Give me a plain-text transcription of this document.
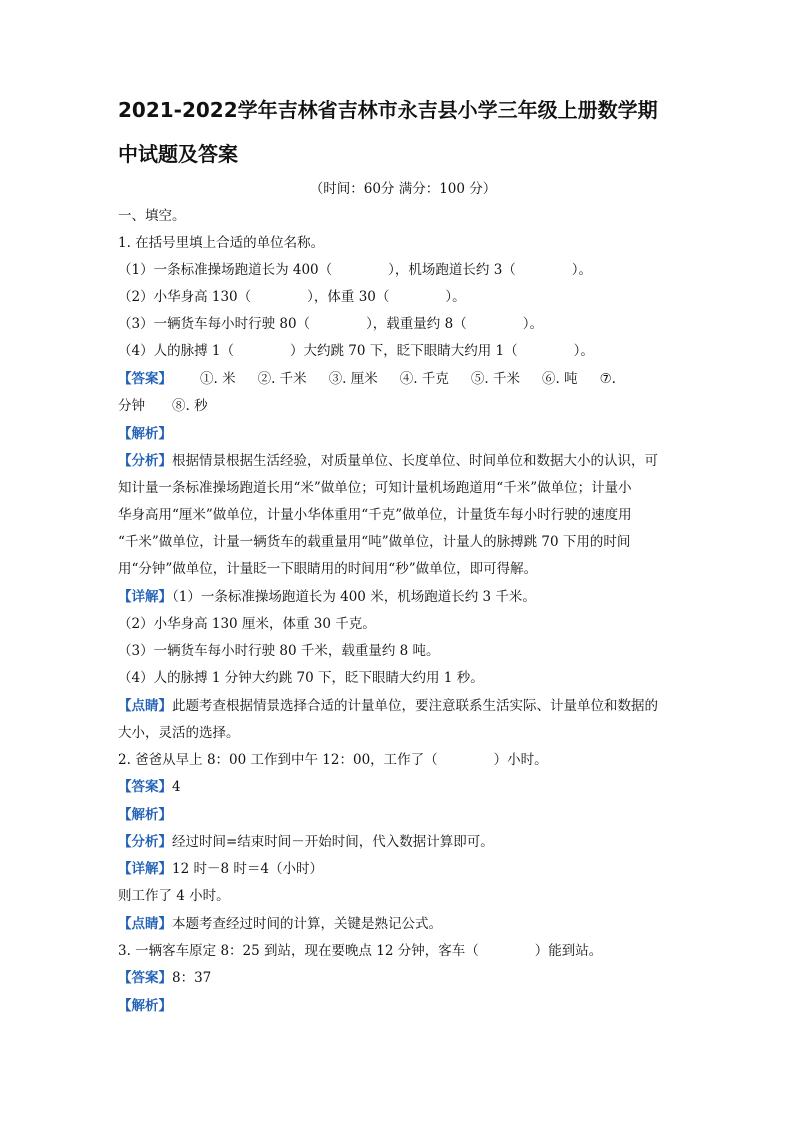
2021-2022学年吉林省吉林市永吉县小学三年级上册数学期
中试题及答案
（时间：60分 满分：100 分）
一、填空。
1. 在括号里填上合适的单位名称。
（1）一条标准操场跑道长为 400（	），机场跑道长约 3（	）。
（2）小华身高 130（	），体重 30（	）。
（3）一辆货车每小时行驶 80（	），载重量约 8（	）。
（4）人的脉搏 1（	）大约跳 70 下，眨下眼睛大约用 1（	）。
【答案】 ①. 米 ②. 千米 ③. 厘米 ④. 千克 ⑤. 千米 ⑥. 吨 ⑦.
分钟　　⑧. 秒
【解析】
【分析】根据情景根据生活经验，对质量单位、长度单位、时间单位和数据大小的认识，可
知计量一条标准操场跑道长用“米”做单位；可知计量机场跑道用“千米”做单位；计量小
华身高用“厘米”做单位，计量小华体重用“千克”做单位，计量货车每小时行驶的速度用
“千米”做单位，计量一辆货车的载重量用“吨”做单位，计量人的脉搏跳 70 下用的时间
用“分钟”做单位，计量眨一下眼睛用的时间用“秒”做单位，即可得解。
【详解】（1）一条标准操场跑道长为 400 米，机场跑道长约 3 千米。
（2）小华身高 130 厘米，体重 30 千克。
（3）一辆货车每小时行驶 80 千米，载重量约 8 吨。
（4）人的脉搏 1 分钟大约跳 70 下，眨下眼睛大约用 1 秒。
【点睛】此题考查根据情景选择合适的计量单位，要注意联系生活实际、计量单位和数据的
大小，灵活的选择。
2. 爸爸从早上 8：00 工作到中午 12：00，工作了（	）小时。
【答案】4
【解析】
【分析】经过时间=结束时间－开始时间，代入数据计算即可。
【详解】12 时－8 时＝4（小时）
则工作了 4 小时。
【点睛】本题考查经过时间的计算，关键是熟记公式。
3. 一辆客车原定 8：25 到站，现在要晚点 12 分钟，客车（	）能到站。
【答案】8：37
【解析】
